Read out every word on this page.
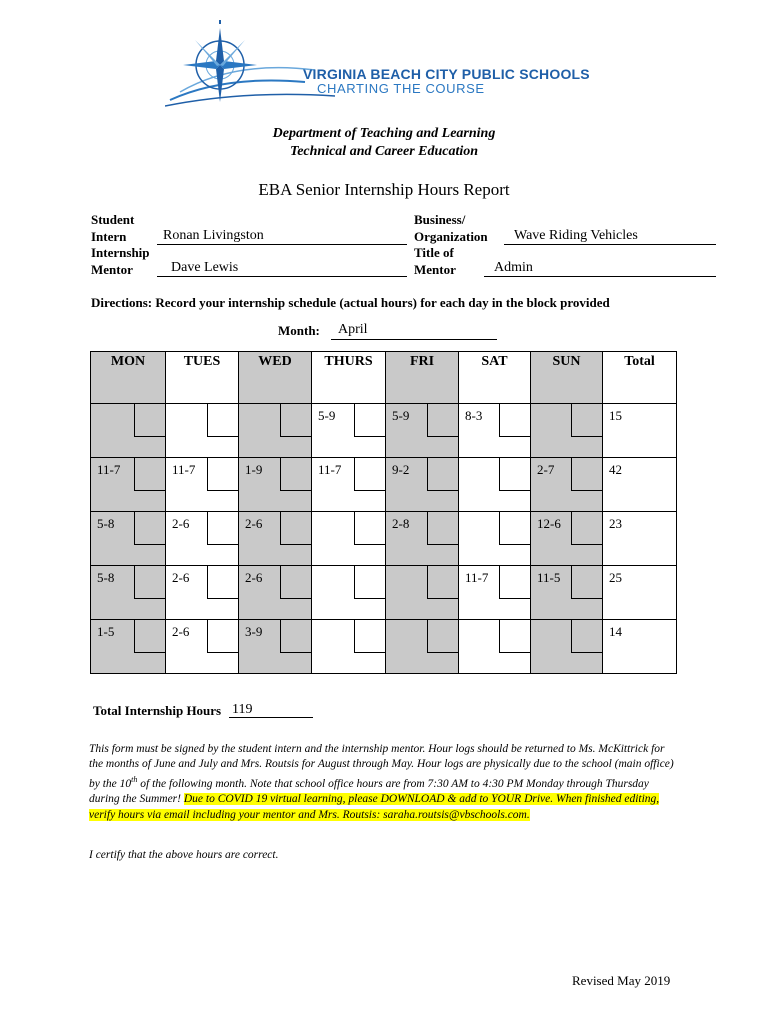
VIRGINIA BEACH CITY PUBLIC SCHOOLS
CHARTING THE COURSE
Department of Teaching and Learning
Technical and Career Education
EBA Senior Internship Hours Report
Student
Intern	Ronan Livingston
Business/
Organization Wave Riding Vehicles
Internship
Mentor	Dave Lewis
Title of
Mentor	Admin
Directions: Record your internship schedule (actual hours) for each day in the block provided
Month: April
MON	TUES	WED	THURS	FRI	SAT	SUN	Total

			5-9	5-9	8-3		15

11-7	11-7	1-9	11-7	9-2		2-7	42

5-8	2-6	2-6		2-8		12-6	23

5-8	2-6	2-6			11-7	11-5	25

1-5	2-6	3-9					14
Total Internship Hours 119
This form must be signed by the student intern and the internship mentor. Hour logs should be returned to Ms. McKittrick for the months of June and July and Mrs. Routsis for August through May. Hour logs are physically due to the school (main office) by the 10th of the following month. Note that school office hours are from 7:30 AM to 4:30 PM Monday through Thursday during the Summer! Due to COVID 19 virtual learning, please DOWNLOAD & add to YOUR Drive. When finished editing, verify hours via email including your mentor and Mrs. Routsis: saraha.routsis@vbschools.com.
I certify that the above hours are correct.
Revised May 2019
